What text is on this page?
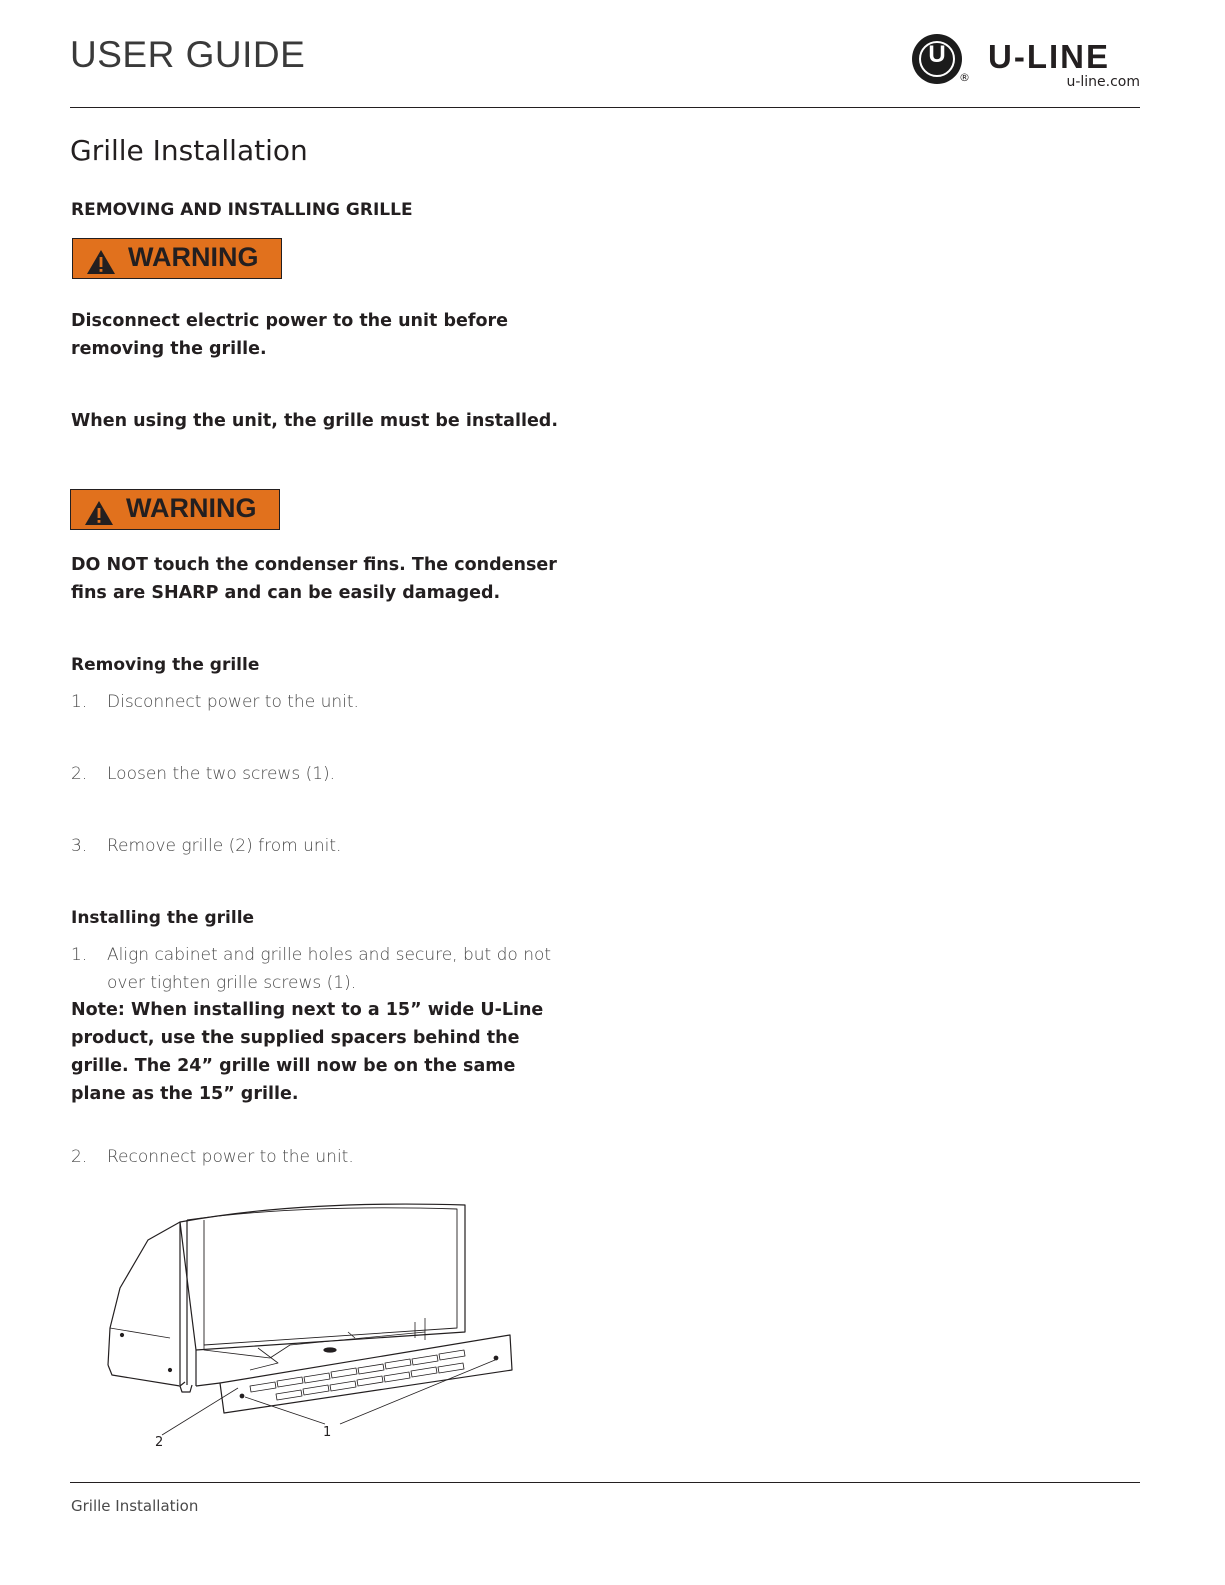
USER GUIDE	U
®
U-LINE
u-line.com
Grille Installation
REMOVING AND INSTALLING GRILLE
WARNING
Disconnect electric power to the unit before
removing the grille.
When using the unit, the grille must be installed.
WARNING
DO NOT touch the condenser fins. The condenser
fins are SHARP and can be easily damaged.
Removing the grille
1.	Disconnect power to the unit.
2.	Loosen the two screws (1).
3.	Remove grille (2) from unit.
Installing the grille
1.	Align cabinet and grille holes and secure, but do not
over tighten grille screws (1).
Note: When installing next to a 15” wide U-Line
product, use the supplied spacers behind the
grille. The 24” grille will now be on the same
plane as the 15” grille.
2.	Reconnect power to the unit.
2
1
Grille Installation
